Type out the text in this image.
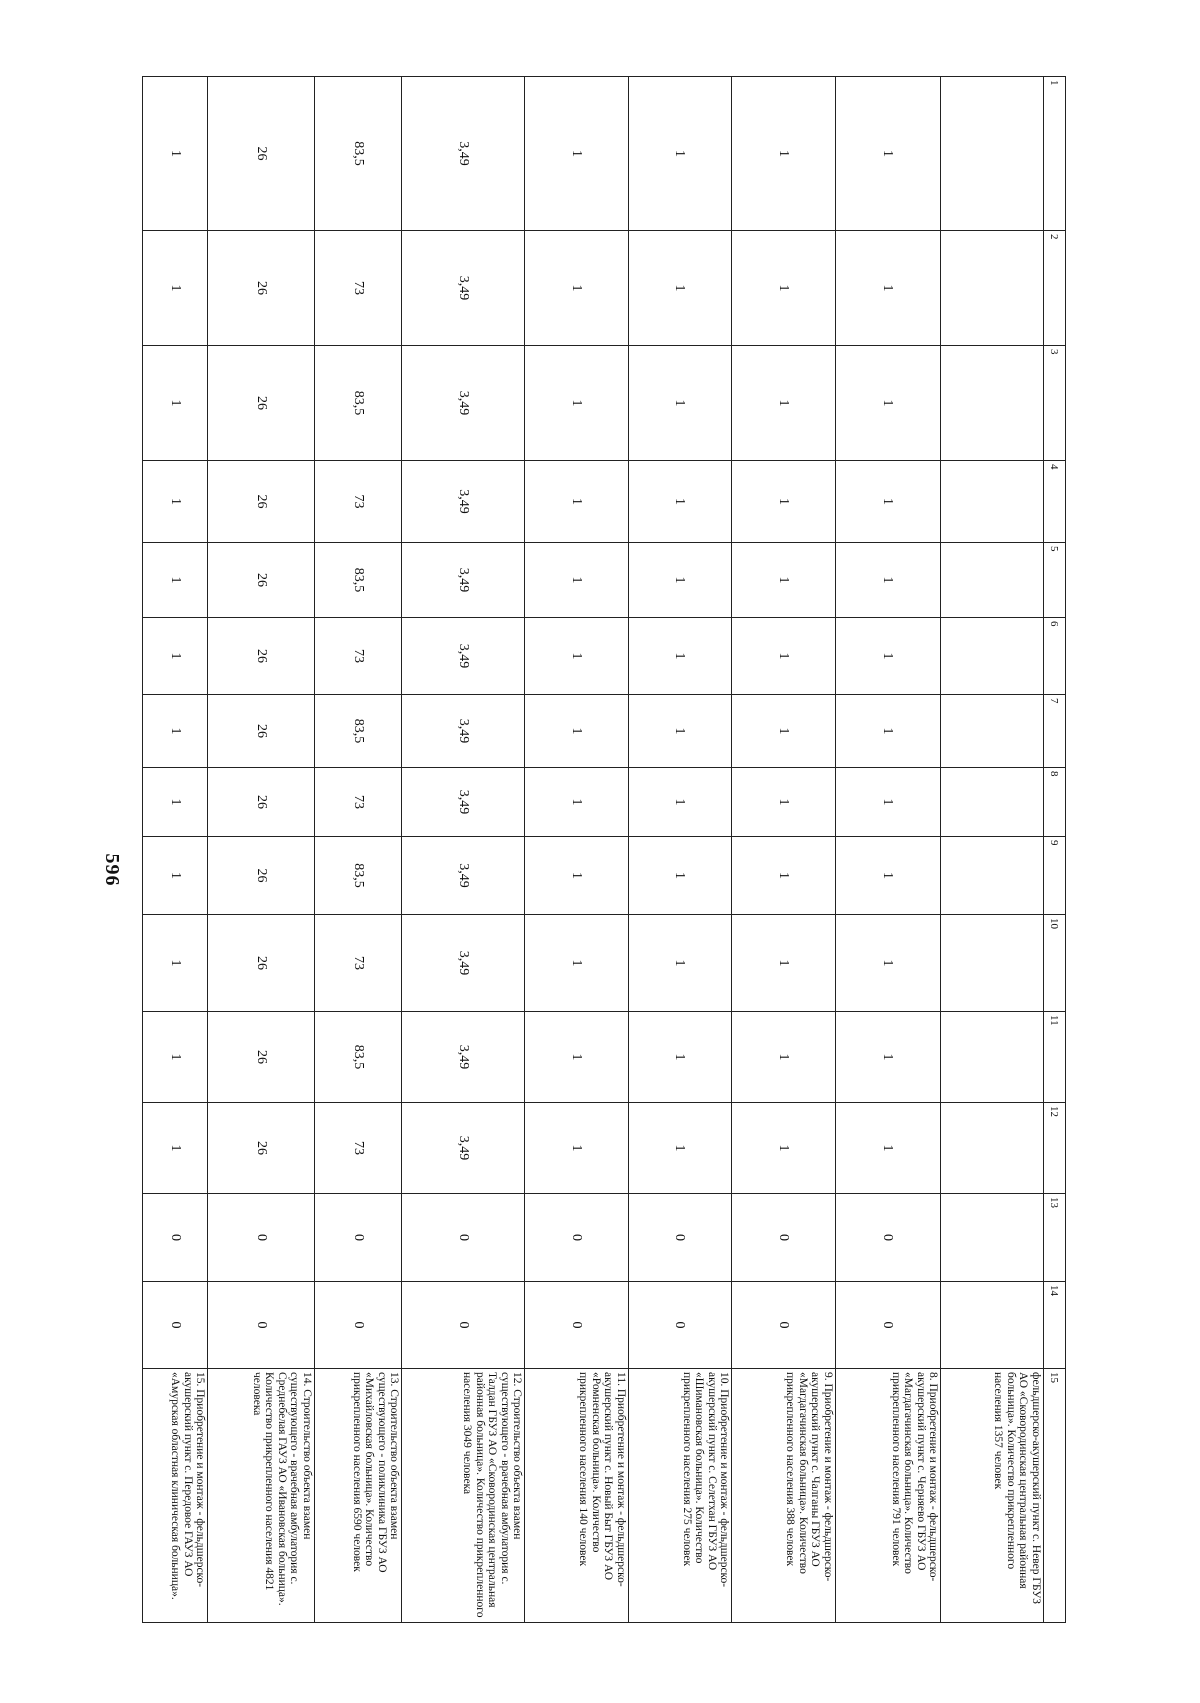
596
1	2	3	4	5	6	7	8	9	10	11	12	13	14	15
														фельдшерско-акушерский пункт с. Невер ГБУЗ АО «Сковородинская центральная районная больница». Количество прикрепленного населения 1357 человек
1	1	1	1	1	1	1	1	1	1	1	1	0	0	8. Приобретение и монтаж - фельдшерско-акушерский пункт с. Черняево ГБУЗ АО «Магдагачинская больница». Количество прикрепленного населения 791 человек
1	1	1	1	1	1	1	1	1	1	1	1	0	0	9. Приобретение и монтаж - фельдшерско-акушерский пункт с. Чалганы ГБУЗ АО «Магдагачинская больница». Количество прикрепленного населения 388 человек
1	1	1	1	1	1	1	1	1	1	1	1	0	0	10. Приобретение и монтаж - фельдшерско-акушерский пункт с. Селетхан ГБУЗ АО «Шимановская больница». Количество прикрепленного населения 275 человек
1	1	1	1	1	1	1	1	1	1	1	1	0	0	11. Приобретение и монтаж - фельдшерско-акушерский пункт с. Новый Быт ГБУЗ АО «Ромненская больница». Количество прикрепленного населения 140 человек
3,49	3,49	3,49	3,49	3,49	3,49	3,49	3,49	3,49	3,49	3,49	3,49	0	0	12. Строительство объекта взамен существующего - врачебная амбулатория с. Талдан ГБУЗ АО «Сковородинская центральная районная больница». Количество прикрепленного населения 3049 человека
83,5	73	83,5	73	83,5	73	83,5	73	83,5	73	83,5	73	0	0	13. Строительство объекта взамен существующего - поликлиника ГБУЗ АО «Михайловская больница». Количество прикрепленного населения 6590 человек
26	26	26	26	26	26	26	26	26	26	26	26	0	0	14. Строительство объекта взамен существующего - врачебная амбулатория с. Среднебелая ГАУЗ АО «Ивановская больница». Количество прикрепленного населения 4821 человека
1	1	1	1	1	1	1	1	1	1	1	1	0	0	15. Приобретение и монтаж - фельдшерско-акушерский пункт с. Передовое ГАУЗ АО «Амурская областная клиническая больница».
